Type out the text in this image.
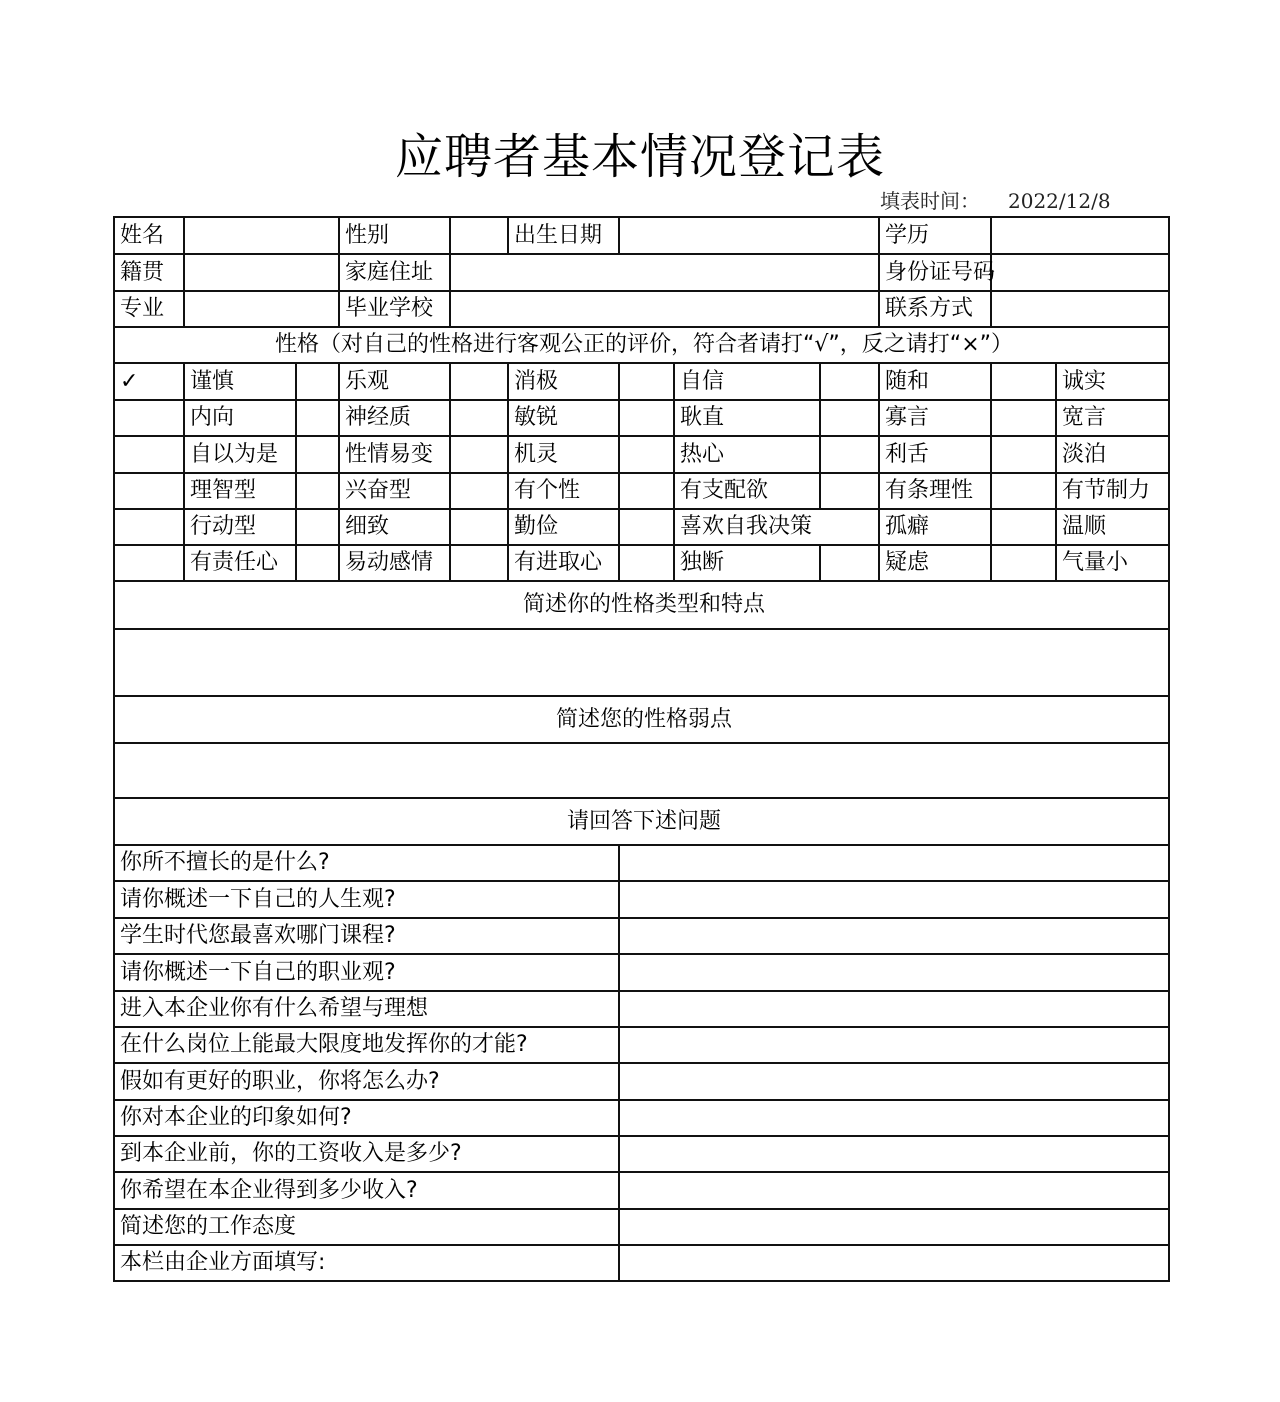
应聘者基本情况登记表
填表时间： 2022/12/8
姓名			性别		出生日期				学历		
籍贯			家庭住址						身份证号码		
专业			毕业学校						联系方式		
性格（对自己的性格进行客观公正的评价，符合者请打“√”，反之请打“×”）											
✓	谨慎		乐观		消极		自信		随和		诚实
	内向		神经质		敏锐		耿直		寡言		宽言
	自以为是		性情易变		机灵		热心		利舌		淡泊
	理智型		兴奋型		有个性		有支配欲		有条理性		有节制力
	行动型		细致		勤俭		喜欢自我决策		孤癖		温顺
	有责任心		易动感情		有进取心		独断		疑虑		气量小
简述你的性格类型和特点											

简述您的性格弱点											

请回答下述问题											
你所不擅长的是什么?											
请你概述一下自己的人生观?											
学生时代您最喜欢哪门课程?											
请你概述一下自己的职业观?											
进入本企业你有什么希望与理想											
在什么岗位上能最大限度地发挥你的才能?											
假如有更好的职业，你将怎么办?											
你对本企业的印象如何?											
到本企业前，你的工资收入是多少?											
你希望在本企业得到多少收入?											
简述您的工作态度											
本栏由企业方面填写:											
